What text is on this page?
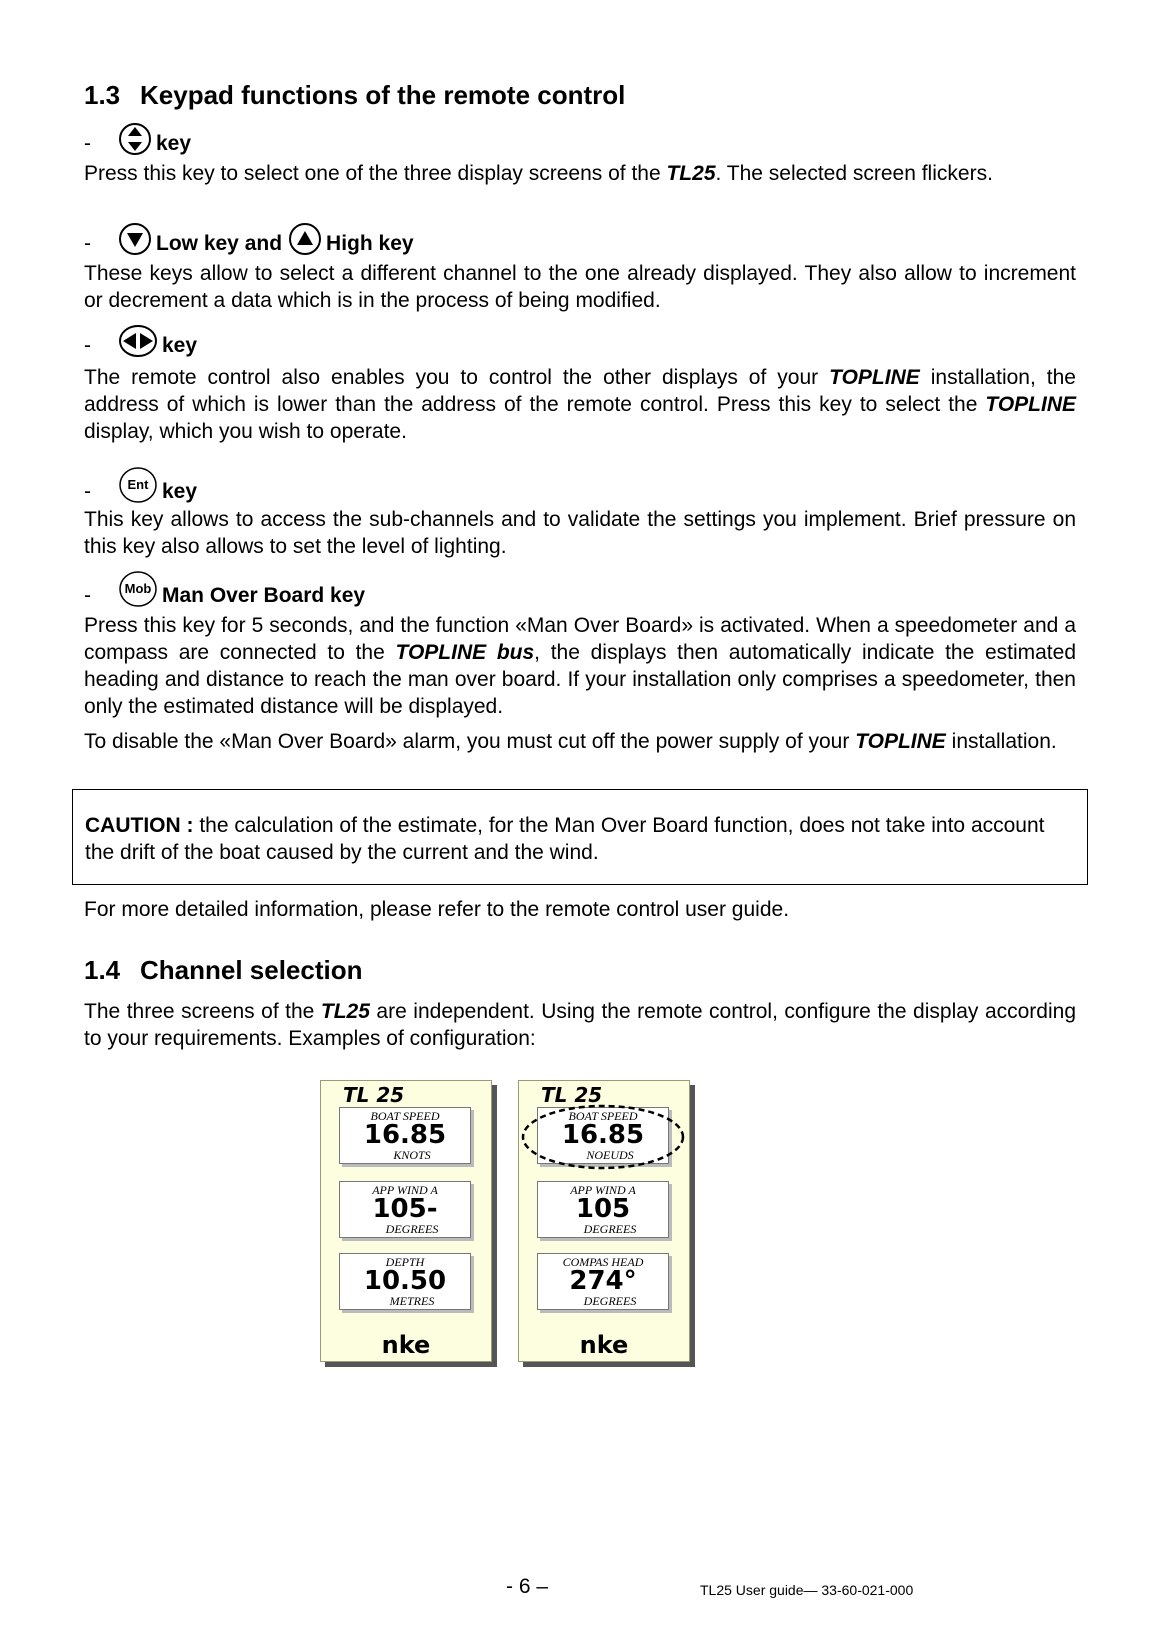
1.3 Keypad functions of the remote control
-	key

Press this key to select one of the three display screens of the TL25. The selected screen flickers.

-	Low key and High key

These keys allow to select a different channel to the one already displayed. They also allow to increment or decrement a data which is in the process of being modified.

-	key

The remote control also enables you to control the other displays of your TOPLINE installation, the address of which is lower than the address of the remote control. Press this key to select the TOPLINE display, which you wish to operate.

-	Ent key

This key allows to access the sub-channels and to validate the settings you implement. Brief pressure on this key also allows to set the level of lighting.

-	Mob Man Over Board key

Press this key for 5 seconds, and the function «Man Over Board» is activated. When a speedometer and a compass are connected to the TOPLINE bus, the displays then automatically indicate the estimated heading and distance to reach the man over board. If your installation only comprises a speedometer, then only the estimated distance will be displayed.

To disable the «Man Over Board» alarm, you must cut off the power supply of your TOPLINE installation.

CAUTION : the calculation of the estimate, for the Man Over Board function, does not take into account the drift of the boat caused by the current and the wind.

For more detailed information, please refer to the remote control user guide.

1.4 Channel selection

The three screens of the TL25 are independent. Using the remote control, configure the display according to your requirements. Examples of configuration:

TL 25
BOAT SPEED
16.85
KNOTS
APP WIND A
105-
DEGREES
DEPTH
10.50
METRES
nke
TL 25
BOAT SPEED
16.85
NOEUDS
APP WIND A
105
DEGREES
COMPAS HEAD
274°
DEGREES
nke
- 6 –	TL25 User guide— 33-60-021-000
